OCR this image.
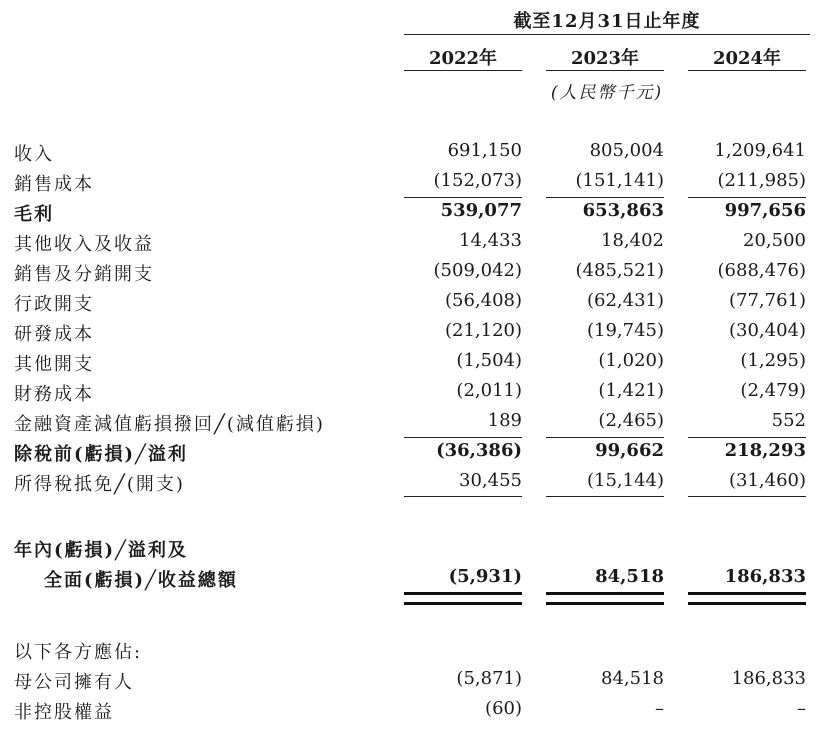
截至12月31日止年度
2022年	2023年	2024年
(人民幣千元)
收入	691,150	805,004	1,209,641
銷售成本	(152,073)	(151,141)	(211,985)
毛利	539,077	653,863	997,656
其他收入及收益	14,433	18,402	20,500
銷售及分銷開支	(509,042)	(485,521)	(688,476)
行政開支	(56,408)	(62,431)	(77,761)
研發成本	(21,120)	(19,745)	(30,404)
其他開支	(1,504)	(1,020)	(1,295)
財務成本	(2,011)	(1,421)	(2,479)
金融資產減值虧損撥回╱(減值虧損)	189	(2,465)	552
除稅前(虧損)╱溢利	(36,386)	99,662	218,293
所得稅抵免╱(開支)	30,455	(15,144)	(31,460)
年內(虧損)╱溢利及
全面(虧損)╱收益總額	(5,931)	84,518	186,833
以下各方應佔:
母公司擁有人	(5,871)	84,518	186,833
非控股權益	(60)	–	–
